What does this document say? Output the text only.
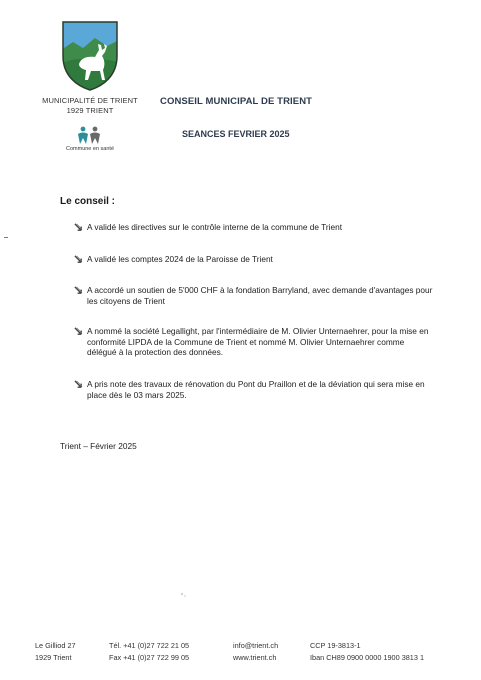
MUNICIPALITÉ DE TRIENT
1929 TRIENT
Commune en santé
CONSEIL MUNICIPAL DE TRIENT
SEANCES FEVRIER 2025
Le conseil :
A validé les directives sur le contrôle interne de la commune de Trient
A validé les comptes 2024 de la Paroisse de Trient
A accordé un soutien de 5'000 CHF à la fondation Barryland, avec demande d'avantages pour les citoyens de Trient
A nommé la société Legallight, par l'intermédiaire de M. Olivier Unternaehrer, pour la mise en conformité LIPDA de la Commune de Trient et nommé M. Olivier Unternaehrer comme délégué à la protection des données.
A pris note des travaux de rénovation du Pont du Praillon et de la déviation qui sera mise en place dès le 03 mars 2025.
Trient – Février 2025
Le Gilliod 27
1929 Trient
Tél. +41 (0)27 722 21 05
Fax +41 (0)27 722 99 05
info@trient.ch
www.trient.ch
CCP 19-3813-1
Iban CH89 0900 0000 1900 3813 1
